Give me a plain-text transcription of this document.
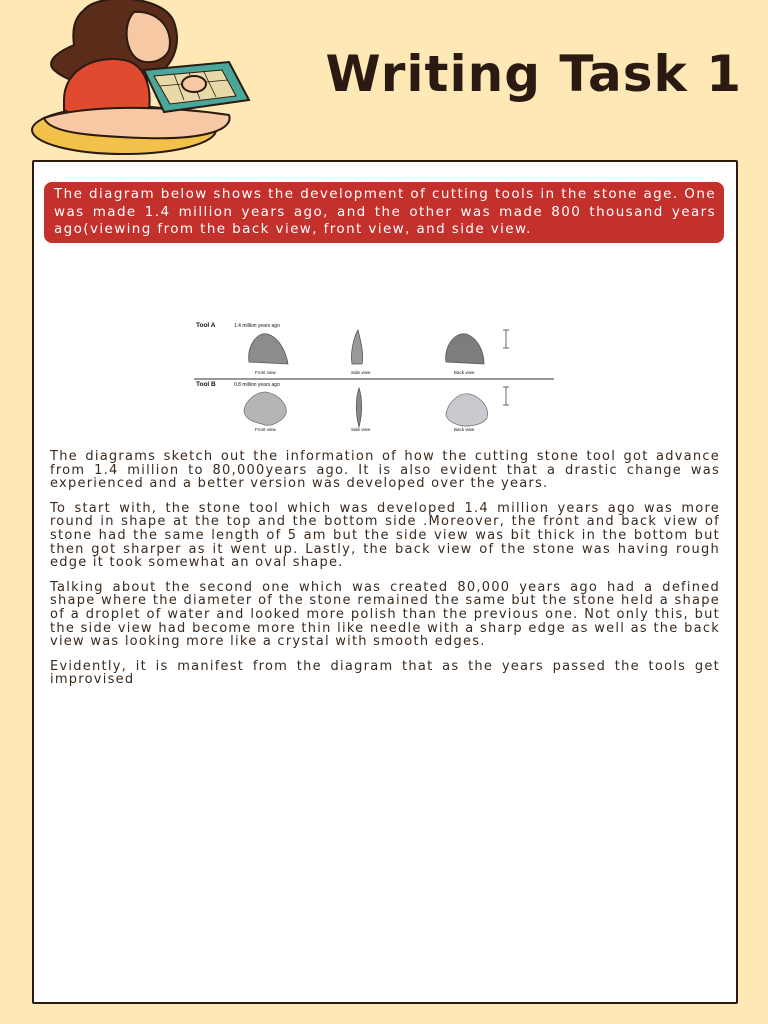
Writing Task 1
The diagram below shows the development of cutting tools in the stone age. One was made 1.4 million years ago, and the other was made 800 thousand years ago(viewing from the back view, front view, and side view.
Tool A	1.4 million years ago
Front view	Side view	Back view
Tool B	0.8 million years ago
Front view	Side view	Back view

The diagrams sketch out the information of how the cutting stone tool got advance from 1.4 million to 80,000years ago. It is also evident that a drastic change was experienced and a better version was developed over the years.

To start with, the stone tool which was developed 1.4 million years ago was more round in shape at the top and the bottom side .Moreover, the front and back view of stone had the same length of 5 am but the side view was bit thick in the bottom but then got sharper as it went up. Lastly, the back view of the stone was having rough edge it took somewhat an oval shape.

Talking about the second one which was created 80,000 years ago had a defined shape where the diameter of the stone remained the same but the stone held a shape of a droplet of water and looked more polish than the previous one. Not only this, but the side view had become more thin like needle with a sharp edge as well as the back view was looking more like a crystal with smooth edges.

Evidently, it is manifest from the diagram that as the years passed the tools get improvised
